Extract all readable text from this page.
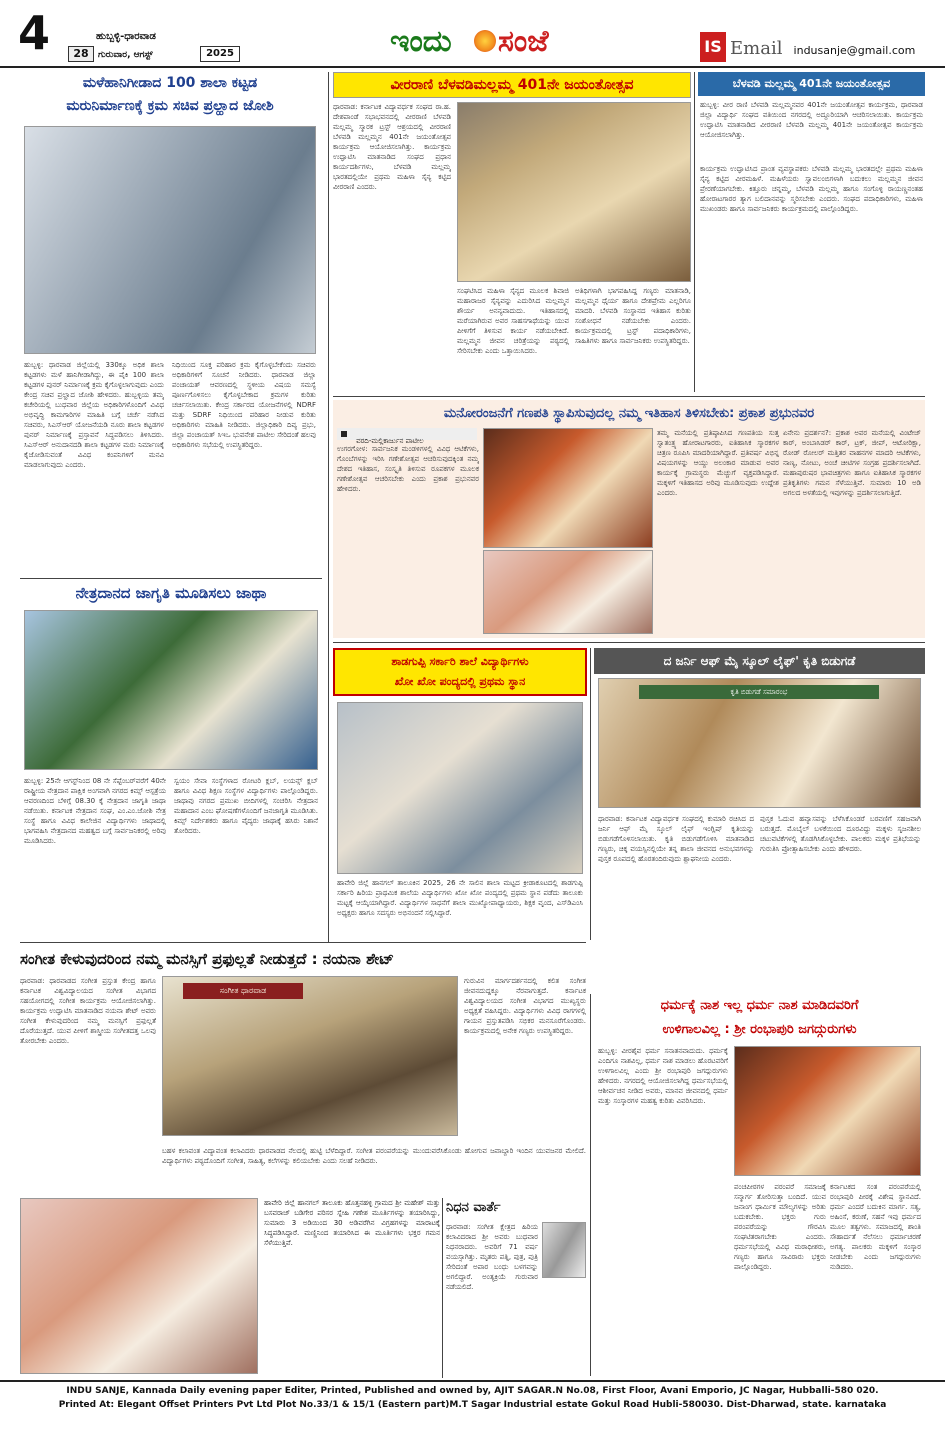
4	28
ಹುಬ್ಬಳ್ಳಿ-ಧಾರವಾಡ
ಗುರುವಾರ, ಆಗಸ್ಟ್	2025	ಇಂದು ಸಂಜೆ	IS Email indusanje@gmail.com
ಮಳೆಹಾನಿಗೀಡಾದ 100 ಶಾಲಾ ಕಟ್ಟಡ
ಮರುನಿರ್ಮಾಣಕ್ಕೆ ಕ್ರಮ ಸಚಿವ ಪ್ರಲ್ಹಾದ ಜೋಶಿ
ಹುಬ್ಬಳ್ಳಿ: ಧಾರವಾಡ ಜಿಲ್ಲೆಯಲ್ಲಿ 330ಕ್ಕೂ ಅಧಿಕ ಶಾಲಾ ಕಟ್ಟಡಗಳು ಮಳೆ ಹಾನಿಗೀಡಾಗಿದ್ದು, ಈ ಪೈಕಿ 100 ಶಾಲಾ ಕಟ್ಟಡಗಳ ಪುನರ್ ನಿರ್ಮಾಣಕ್ಕೆ ಕ್ರಮ ಕೈಗೊಳ್ಳಲಾಗುವುದು ಎಂದು ಕೇಂದ್ರ ಸಚಿವ ಪ್ರಲ್ಹಾದ ಜೋಶಿ ಹೇಳಿದರು. ಹುಬ್ಬಳ್ಳಿಯ ತಮ್ಮ ಕಚೇರಿಯಲ್ಲಿ ಬುಧವಾರ ಜಿಲ್ಲೆಯ ಅಧಿಕಾರಿಗಳೊಂದಿಗೆ ವಿವಿಧ ಅಭಿವೃದ್ಧಿ ಕಾಮಗಾರಿಗಳ ಮಾಹಿತಿ ಬಗ್ಗೆ ಚರ್ಚೆ ನಡೆಸಿದ ಸಚಿವರು, ಸಿಎಸ್‌ಆರ್ ಯೋಜನೆಯಡಿ ನೂರು ಶಾಲಾ ಕಟ್ಟಡಗಳ ಪುನರ್ ನಿರ್ಮಾಣಕ್ಕೆ ಪ್ರಸ್ತಾವನೆ ಸಿದ್ಧಪಡಿಸಲು ತಿಳಿಸಿದರು. ಸಿಎಸ್‌ಆರ್ ಅನುದಾನದಡಿ ಶಾಲಾ ಕಟ್ಟಡಗಳ ಮರು ನಿರ್ಮಾಣಕ್ಕೆ ಕೈಜೋಡಿಸುವಂತೆ ವಿವಿಧ ಕಂಪನಿಗಳಿಗೆ ಮನವಿ ಮಾಡಲಾಗುವುದು ಎಂದರು.
ನಿಧಿಯಿಂದ ಸೂಕ್ತ ಪರಿಹಾರ ಕ್ರಮ ಕೈಗೊಳ್ಳಬೇಕೆಂದು ಸಚಿವರು ಅಧಿಕಾರಿಗಳಿಗೆ ಸೂಚನೆ ನೀಡಿದರು. ಧಾರವಾಡ ಜಿಲ್ಲಾ ಪಂಚಾಯತ್ ಆವರಣದಲ್ಲಿ ಸ್ಥಳೀಯ ವಿಷಯ ಸಮಸ್ಯೆ ಪೂರ್ಣಗೊಳಿಸಲು ಕೈಗೊಳ್ಳಬೇಕಾದ ಕ್ರಮಗಳ ಕುರಿತು ಚರ್ಚಿಸಲಾಯಿತು. ಕೇಂದ್ರ ಸರ್ಕಾರದ ಯೋಜನೆಗಳಲ್ಲಿ NDRF ಮತ್ತು SDRF ನಿಧಿಯಿಂದ ಪರಿಹಾರ ನೀಡುವ ಕುರಿತು ಅಧಿಕಾರಿಗಳು ಮಾಹಿತಿ ನೀಡಿದರು. ಜಿಲ್ಲಾಧಿಕಾರಿ ದಿವ್ಯ ಪ್ರಭು, ಜಿಲ್ಲಾ ಪಂಚಾಯತ್ ಸಿಇಒ ಭುವನೇಶ ಪಾಟೀಲ ಸೇರಿದಂತೆ ಹಲವು ಅಧಿಕಾರಿಗಳು ಸಭೆಯಲ್ಲಿ ಉಪಸ್ಥಿತರಿದ್ದರು.
ನೇತ್ರದಾನದ ಜಾಗೃತಿ ಮೂಡಿಸಲು ಜಾಥಾ
ಹುಬ್ಬಳ್ಳಿ: 25ನೇ ಆಗಸ್ಟ್‌ನಿಂದ 08 ನೇ ಸೆಪ್ಟೆಂಬರ್‌ವರೆಗೆ 40ನೇ ರಾಷ್ಟ್ರೀಯ ನೇತ್ರದಾನ ಪಾಕ್ಷಿಕ ಅಂಗವಾಗಿ ನಗರದ ಕಿಮ್ಸ್ ಆಸ್ಪತ್ರೆಯ ಆವರಣದಿಂದ ಬೆಳಿಗ್ಗೆ 08.30 ಕ್ಕೆ ನೇತ್ರದಾನ ಜಾಗೃತಿ ಜಾಥಾ ನಡೆಯಿತು. ಕರ್ನಾಟಕ ನೇತ್ರದಾನ ಸಂಘ, ಎಂ.ಎಂ.ಜೋಶಿ ನೇತ್ರ ಸಂಸ್ಥೆ ಹಾಗೂ ವಿವಿಧ ಕಾಲೇಜಿನ ವಿದ್ಯಾರ್ಥಿಗಳು ಜಾಥಾದಲ್ಲಿ ಭಾಗವಹಿಸಿ ನೇತ್ರದಾನದ ಮಹತ್ವದ ಬಗ್ಗೆ ಸಾರ್ವಜನಿಕರಲ್ಲಿ ಅರಿವು ಮೂಡಿಸಿದರು.
ಸ್ವಯಂ ಸೇವಾ ಸಂಸ್ಥೆಗಳಾದ ರೋಟರಿ ಕ್ಲಬ್, ಲಯನ್ಸ್ ಕ್ಲಬ್ ಹಾಗೂ ವಿವಿಧ ಶಿಕ್ಷಣ ಸಂಸ್ಥೆಗಳ ವಿದ್ಯಾರ್ಥಿಗಳು ಪಾಲ್ಗೊಂಡಿದ್ದರು. ಜಾಥಾವು ನಗರದ ಪ್ರಮುಖ ಬೀದಿಗಳಲ್ಲಿ ಸಂಚರಿಸಿ ನೇತ್ರದಾನ ಮಹಾದಾನ ಎಂಬ ಘೋಷಣೆಗಳೊಂದಿಗೆ ಜನಜಾಗೃತಿ ಮೂಡಿಸಿತು. ಕಿಮ್ಸ್ ನಿರ್ದೇಶಕರು ಹಾಗೂ ವೈದ್ಯರು ಜಾಥಾಕ್ಕೆ ಹಸಿರು ನಿಶಾನೆ ತೋರಿದರು.
ವೀರರಾಣಿ ಬೆಳವಡಿಮಲ್ಲಮ್ಮ 401ನೇ ಜಯಂತೋತ್ಸವ
ಧಾರವಾಡ: ಕರ್ನಾಟಕ ವಿದ್ಯಾವರ್ಧಕ ಸಂಘದ ರಾ.ಹ. ದೇಶಪಾಂಡೆ ಸಭಾಭವನದಲ್ಲಿ ವೀರರಾಣಿ ಬೆಳವಡಿ ಮಲ್ಲಮ್ಮ ಸ್ಮಾರಕ ಟ್ರಸ್ಟ್ ಆಶ್ರಯದಲ್ಲಿ ವೀರರಾಣಿ ಬೆಳವಡಿ ಮಲ್ಲಮ್ಮನ 401ನೇ ಜಯಂತೋತ್ಸವ ಕಾರ್ಯಕ್ರಮ ಆಯೋಜಿಸಲಾಗಿತ್ತು. ಕಾರ್ಯಕ್ರಮ ಉದ್ಘಾಟಿಸಿ ಮಾತನಾಡಿದ ಸಂಘದ ಪ್ರಧಾನ ಕಾರ್ಯದರ್ಶಿಗಳು, ಬೆಳವಡಿ ಮಲ್ಲಮ್ಮ ಭಾರತದಲ್ಲಿಯೇ ಪ್ರಥಮ ಮಹಿಳಾ ಸೈನ್ಯ ಕಟ್ಟಿದ ವೀರರಾಣಿ ಎಂದರು.
ಸಂಘಟಿಸಿದ ಮಹಿಳಾ ಸೈನ್ಯದ ಮೂಲಕ ಶಿವಾಜಿ ಮಹಾರಾಜರ ಸೈನ್ಯವನ್ನು ಎದುರಿಸಿದ ಮಲ್ಲಮ್ಮನ ಶೌರ್ಯ ಅನನ್ಯವಾದುದು. ಇತಿಹಾಸದಲ್ಲಿ ಮರೆಯಾಗಿರುವ ಅವರ ಸಾಹಸಗಾಥೆಯನ್ನು ಯುವ ಪೀಳಿಗೆಗೆ ತಿಳಿಸುವ ಕಾರ್ಯ ನಡೆಯಬೇಕಿದೆ. ಮಲ್ಲಮ್ಮನ ಜೀವನ ಚರಿತ್ರೆಯನ್ನು ಪಠ್ಯದಲ್ಲಿ ಸೇರಿಸಬೇಕು ಎಂದು ಒತ್ತಾಯಿಸಿದರು.
ಅತಿಥಿಗಳಾಗಿ ಭಾಗವಹಿಸಿದ್ದ ಗಣ್ಯರು ಮಾತನಾಡಿ, ಮಲ್ಲಮ್ಮನ ಧೈರ್ಯ ಹಾಗೂ ದೇಶಪ್ರೇಮ ಎಲ್ಲರಿಗೂ ಮಾದರಿ. ಬೆಳವಡಿ ಸಂಸ್ಥಾನದ ಇತಿಹಾಸ ಕುರಿತು ಸಂಶೋಧನೆ ನಡೆಯಬೇಕು ಎಂದರು. ಕಾರ್ಯಕ್ರಮದಲ್ಲಿ ಟ್ರಸ್ಟ್ ಪದಾಧಿಕಾರಿಗಳು, ಸಾಹಿತಿಗಳು ಹಾಗೂ ಸಾರ್ವಜನಿಕರು ಉಪಸ್ಥಿತರಿದ್ದರು.
ಬೆಳವಡಿ ಮಲ್ಲಮ್ಮ 401ನೇ ಜಯಂತೋತ್ಸವ
ಹುಬ್ಬಳ್ಳಿ: ವೀರ ರಾಣಿ ಬೆಳವಡಿ ಮಲ್ಲಮ್ಮನವರ 401ನೇ ಜಯಂತೋತ್ಸವ ಕಾರ್ಯಕ್ರಮ, ಧಾರವಾಡ ಜಿಲ್ಲಾ ವಿದ್ಯಾರ್ಥಿ ಸಂಘದ ವತಿಯಿಂದ ನಗರದಲ್ಲಿ ಅದ್ದೂರಿಯಾಗಿ ಆಚರಿಸಲಾಯಿತು. ಕಾರ್ಯಕ್ರಮ ಉದ್ಘಾಟಿಸಿ ಮಾತನಾಡಿದ ವೀರರಾಣಿ ಬೆಳವಡಿ ಮಲ್ಲಮ್ಮ 401ನೇ ಜಯಂತೋತ್ಸವ ಕಾರ್ಯಕ್ರಮ ಆಯೋಜಿಸಲಾಗಿತ್ತು.
ಕಾರ್ಯಕ್ರಮ ಉದ್ಘಾಟಿಸಿದ ಪ್ರಾಂತ ವ್ಯವಸ್ಥಾಪಕರು ಬೆಳವಡಿ ಮಲ್ಲಮ್ಮ ಭಾರತದಲ್ಲೇ ಪ್ರಥಮ ಮಹಿಳಾ ಸೈನ್ಯ ಕಟ್ಟಿದ ವೀರಮಹಿಳೆ. ಮಹಿಳೆಯರು ಸ್ವಾವಲಂಬಿಗಳಾಗಿ ಬದುಕಲು ಮಲ್ಲಮ್ಮನ ಜೀವನ ಪ್ರೇರಣೆಯಾಗಬೇಕು. ಕಿತ್ತೂರು ಚನ್ನಮ್ಮ, ಬೆಳವಡಿ ಮಲ್ಲಮ್ಮ ಹಾಗೂ ಸಂಗೊಳ್ಳಿ ರಾಯಣ್ಣನಂತಹ ಹೋರಾಟಗಾರರ ತ್ಯಾಗ ಬಲಿದಾನವನ್ನು ಸ್ಮರಿಸಬೇಕು ಎಂದರು. ಸಂಘದ ಪದಾಧಿಕಾರಿಗಳು, ಮಹಿಳಾ ಮುಖಂಡರು ಹಾಗೂ ಸಾರ್ವಜನಿಕರು ಕಾರ್ಯಕ್ರಮದಲ್ಲಿ ಪಾಲ್ಗೊಂಡಿದ್ದರು.
ಮನೋರಂಜನೆಗೆ ಗಣಪತಿ ಸ್ಥಾಪಿಸುವುದಲ್ಲ ನಮ್ಮ ಇತಿಹಾಸ ತಿಳಿಸಬೇಕು: ಪ್ರಕಾಶ ಪ್ರಭುನವರ
ವರದಿ-ಮಲ್ಲಿಕಾರ್ಜುನ ಪಾಟೀಲ
ಉಗರಗೋಳ: ಸಾರ್ವಜನಿಕ ಮಂಡಳಿಗಳಲ್ಲಿ ವಿವಿಧ ಆಟಿಕೆಗಳು, ಗೊಂಬೆಗಳನ್ನು ಇರಿಸಿ ಗಣೇಶೋತ್ಸವ ಆಚರಿಸುವುದಕ್ಕಿಂತ ನಮ್ಮ ದೇಶದ ಇತಿಹಾಸ, ಸಂಸ್ಕೃತಿ ತಿಳಿಸುವ ರೂಪಕಗಳ ಮೂಲಕ ಗಣೇಶೋತ್ಸವ ಆಚರಿಸಬೇಕು ಎಂದು ಪ್ರಕಾಶ ಪ್ರಭುನವರ ಹೇಳಿದರು.
ತಮ್ಮ ಮನೆಯಲ್ಲಿ ಪ್ರತಿಷ್ಠಾಪಿಸಿದ ಗಣಪತಿಯ ಸುತ್ತ ಸ್ವಾತಂತ್ರ್ಯ ಹೋರಾಟಗಾರರು, ಐತಿಹಾಸಿಕ ಸ್ಮಾರಕಗಳ ಚಿತ್ರಣ ರೂಪಿಸಿ ಮಾದರಿಯಾಗಿದ್ದಾರೆ. ಪ್ರತಿವರ್ಷ ವಿಭಿನ್ನ ವಿಷಯಗಳನ್ನು ಆಯ್ದು ಅಲಂಕಾರ ಮಾಡುವ ಅವರ ಕಾರ್ಯಕ್ಕೆ ಗ್ರಾಮಸ್ಥರು ಮೆಚ್ಚುಗೆ ವ್ಯಕ್ತಪಡಿಸಿದ್ದಾರೆ. ಮಕ್ಕಳಿಗೆ ಇತಿಹಾಸದ ಅರಿವು ಮೂಡಿಸುವುದು ಉದ್ದೇಶ ಎಂದರು.
ಏನೇನು ಪ್ರದರ್ಶನ?: ಪ್ರಕಾಶ ಅವರ ಮನೆಯಲ್ಲಿ ವಿಂಟೇಜ್ ಕಾರ್, ಅಂಬಾಸಿಡರ್ ಕಾರ್, ಟ್ರಕ್, ಜೀಪ್, ಆಟೋರಿಕ್ಷಾ, ರೋಡ್ ರೋಲರ್ ಮತ್ತಿತರ ವಾಹನಗಳ ಮಾದರಿ ಆಟಿಕೆಗಳು, ನಾಣ್ಯ, ನೋಟು, ಅಂಚೆ ಚೀಟಿಗಳ ಸಂಗ್ರಹ ಪ್ರದರ್ಶಿಸಲಾಗಿದೆ. ಮಹಾಪುರುಷರ ಭಾವಚಿತ್ರಗಳು ಹಾಗೂ ಐತಿಹಾಸಿಕ ಸ್ಮಾರಕಗಳ ಪ್ರತಿಕೃತಿಗಳು ಗಮನ ಸೆಳೆಯುತ್ತಿವೆ. ಸುಮಾರು 10 ಅಡಿ ಅಗಲದ ಅಳತೆಯಲ್ಲಿ ಇವುಗಳನ್ನು ಪ್ರದರ್ಶಿಸಲಾಗುತ್ತಿದೆ.
ಶಾಡಗುಪ್ಪಿ ಸರ್ಕಾರಿ ಶಾಲೆ ವಿದ್ಯಾರ್ಥಿಗಳು
ಖೋ ಖೋ ಪಂದ್ಯದಲ್ಲಿ ಪ್ರಥಮ ಸ್ಥಾನ
ಹಾವೇರಿ ಜಿಲ್ಲೆ ಹಾನಗಲ್ ತಾಲೂಕಿನ 2025, 26 ನೇ ಸಾಲಿನ ಶಾಲಾ ಮಟ್ಟದ ಕ್ರೀಡಾಕೂಟದಲ್ಲಿ ಶಾಡಗುಪ್ಪಿ ಸರ್ಕಾರಿ ಹಿರಿಯ ಪ್ರಾಥಮಿಕ ಶಾಲೆಯ ವಿದ್ಯಾರ್ಥಿಗಳು ಖೋ ಖೋ ಪಂದ್ಯದಲ್ಲಿ ಪ್ರಥಮ ಸ್ಥಾನ ಪಡೆದು ತಾಲೂಕು ಮಟ್ಟಕ್ಕೆ ಆಯ್ಕೆಯಾಗಿದ್ದಾರೆ. ವಿದ್ಯಾರ್ಥಿಗಳ ಸಾಧನೆಗೆ ಶಾಲಾ ಮುಖ್ಯೋಪಾಧ್ಯಾಯರು, ಶಿಕ್ಷಕ ವೃಂದ, ಎಸ್‌ಡಿಎಂಸಿ ಅಧ್ಯಕ್ಷರು ಹಾಗೂ ಸದಸ್ಯರು ಅಭಿನಂದನೆ ಸಲ್ಲಿಸಿದ್ದಾರೆ.
ದ ಜರ್ನಿ ಆಫ್ ಮೈ ಸ್ಕೂಲ್ ಲೈಫ್' ಕೃತಿ ಬಿಡುಗಡೆ
ಕೃತಿ ಬಿಡುಗಡೆ ಸಮಾರಂಭ
ಧಾರವಾಡ: ಕರ್ನಾಟಕ ವಿದ್ಯಾವರ್ಧಕ ಸಂಘದಲ್ಲಿ ಕುಮಾರಿ ರಚಿಸಿದ ದ ಜರ್ನಿ ಆಫ್ ಮೈ ಸ್ಕೂಲ್ ಲೈಫ್ ಇಂಗ್ಲಿಷ್ ಕೃತಿಯನ್ನು ಬಿಡುಗಡೆಗೊಳಿಸಲಾಯಿತು. ಕೃತಿ ಬಿಡುಗಡೆಗೊಳಿಸಿ ಮಾತನಾಡಿದ ಗಣ್ಯರು, ಚಿಕ್ಕ ವಯಸ್ಸಿನಲ್ಲಿಯೇ ತನ್ನ ಶಾಲಾ ಜೀವನದ ಅನುಭವಗಳನ್ನು ಪುಸ್ತಕ ರೂಪದಲ್ಲಿ ಹೊರತಂದಿರುವುದು ಶ್ಲಾಘನೀಯ ಎಂದರು.
ಪುಸ್ತಕ ಓದುವ ಹವ್ಯಾಸವನ್ನು ಬೆಳೆಸಿಕೊಂಡರೆ ಬರವಣಿಗೆ ಸಹಜವಾಗಿ ಬರುತ್ತದೆ. ಮೊಬೈಲ್ ಬಳಕೆಯಿಂದ ದೂರವಿದ್ದು ಮಕ್ಕಳು ಸೃಜನಶೀಲ ಚಟುವಟಿಕೆಗಳಲ್ಲಿ ತೊಡಗಿಸಿಕೊಳ್ಳಬೇಕು. ಪಾಲಕರು ಮಕ್ಕಳ ಪ್ರತಿಭೆಯನ್ನು ಗುರುತಿಸಿ ಪ್ರೋತ್ಸಾಹಿಸಬೇಕು ಎಂದು ಹೇಳಿದರು.
ಸಂಗೀತ ಕೇಳುವುದರಿಂದ ನಮ್ಮ ಮನಸ್ಸಿಗೆ ಪ್ರಫುಲ್ಲತೆ ನೀಡುತ್ತದೆ : ನಯನಾ ಶೇಟ್
ಧಾರವಾಡ: ಧಾರವಾಡದ ಸಂಗೀತ ಪ್ರಸ್ತುತ ಕೇಂದ್ರ ಹಾಗೂ ಕರ್ನಾಟಕ ವಿಶ್ವವಿದ್ಯಾಲಯದ ಸಂಗೀತ ವಿಭಾಗದ ಸಹಯೋಗದಲ್ಲಿ ಸಂಗೀತ ಕಾರ್ಯಕ್ರಮ ಆಯೋಜಿಸಲಾಗಿತ್ತು. ಕಾರ್ಯಕ್ರಮ ಉದ್ಘಾಟಿಸಿ ಮಾತನಾಡಿದ ನಯನಾ ಶೇಟ್ ಅವರು ಸಂಗೀತ ಕೇಳುವುದರಿಂದ ನಮ್ಮ ಮನಸ್ಸಿಗೆ ಪ್ರಫುಲ್ಲತೆ ದೊರೆಯುತ್ತದೆ. ಯುವ ಪೀಳಿಗೆ ಶಾಸ್ತ್ರೀಯ ಸಂಗೀತದತ್ತ ಒಲವು ತೋರಬೇಕು ಎಂದರು.
ಸಂಗೀತ ಧಾರವಾಡ
ಗುರುವಿನ ಮಾರ್ಗದರ್ಶನದಲ್ಲಿ ಕಲಿತ ಸಂಗೀತ ಜೀವನದುದ್ದಕ್ಕೂ ನೆರವಾಗುತ್ತದೆ. ಕರ್ನಾಟಕ ವಿಶ್ವವಿದ್ಯಾಲಯದ ಸಂಗೀತ ವಿಭಾಗದ ಮುಖ್ಯಸ್ಥರು ಅಧ್ಯಕ್ಷತೆ ವಹಿಸಿದ್ದರು. ವಿದ್ಯಾರ್ಥಿಗಳು ವಿವಿಧ ರಾಗಗಳಲ್ಲಿ ಗಾಯನ ಪ್ರಸ್ತುತಪಡಿಸಿ ಸಭಿಕರ ಮನಸೂರೆಗೊಂಡರು. ಕಾರ್ಯಕ್ರಮದಲ್ಲಿ ಅನೇಕ ಗಣ್ಯರು ಉಪಸ್ಥಿತರಿದ್ದರು.
ಬಹಳ ಕಲಾವಂತ ವಿದ್ಯಾವಂತ ಕಲಾವಿದರು ಧಾರವಾಡದ ನೆಲದಲ್ಲಿ ಹುಟ್ಟಿ ಬೆಳೆದಿದ್ದಾರೆ. ಸಂಗೀತ ಪರಂಪರೆಯನ್ನು ಮುಂದುವರೆಸಿಕೊಂಡು ಹೋಗುವ ಜವಾಬ್ದಾರಿ ಇಂದಿನ ಯುವಜನರ ಮೇಲಿದೆ. ವಿದ್ಯಾರ್ಥಿಗಳು ಪಠ್ಯದೊಂದಿಗೆ ಸಂಗೀತ, ಸಾಹಿತ್ಯ, ಕಲೆಗಳನ್ನು ಕಲಿಯಬೇಕು ಎಂದು ಸಲಹೆ ನೀಡಿದರು.
ಧರ್ಮಕ್ಕೆ ನಾಶ ಇಲ್ಲ ಧರ್ಮ ನಾಶ ಮಾಡಿದವರಿಗೆ
ಉಳಿಗಾಲವಿಲ್ಲ : ಶ್ರೀ ರಂಭಾಪುರಿ ಜಗದ್ಗುರುಗಳು
ಹುಬ್ಬಳ್ಳಿ: ವೀರಶೈವ ಧರ್ಮ ಸನಾತನವಾದುದು. ಧರ್ಮಕ್ಕೆ ಎಂದಿಗೂ ನಾಶವಿಲ್ಲ, ಧರ್ಮ ನಾಶ ಮಾಡಲು ಹೊರಟವರಿಗೆ ಉಳಿಗಾಲವಿಲ್ಲ ಎಂದು ಶ್ರೀ ರಂಭಾಪುರಿ ಜಗದ್ಗುರುಗಳು ಹೇಳಿದರು. ನಗರದಲ್ಲಿ ಆಯೋಜಿಸಲಾಗಿದ್ದ ಧರ್ಮಸಭೆಯಲ್ಲಿ ಆಶೀರ್ವಚನ ನೀಡಿದ ಅವರು, ಮಾನವ ಜೀವನದಲ್ಲಿ ಧರ್ಮ ಮತ್ತು ಸಂಸ್ಕಾರಗಳ ಮಹತ್ವ ಕುರಿತು ವಿವರಿಸಿದರು.
ಪಂಚಪೀಠಗಳ ಪರಂಪರೆ ಸಮಾಜಕ್ಕೆ ಸನ್ಮಾರ್ಗ ತೋರಿಸುತ್ತಾ ಬಂದಿದೆ. ಯುವ ಜನಾಂಗ ಧಾರ್ಮಿಕ ಮೌಲ್ಯಗಳನ್ನು ಅರಿತು ಬದುಕಬೇಕು. ಭಕ್ತರು ಗುರು ಪರಂಪರೆಯನ್ನು ಗೌರವಿಸಿ ಸಂಘಟಿತರಾಗಬೇಕು ಎಂದರು. ಧರ್ಮಸಭೆಯಲ್ಲಿ ವಿವಿಧ ಮಠಾಧೀಶರು, ಗಣ್ಯರು ಹಾಗೂ ಸಾವಿರಾರು ಭಕ್ತರು ಪಾಲ್ಗೊಂಡಿದ್ದರು.
ಕರ್ನಾಟಕದ ಸಂತ ಪರಂಪರೆಯಲ್ಲಿ ರಂಭಾಪುರಿ ಪೀಠಕ್ಕೆ ವಿಶೇಷ ಸ್ಥಾನವಿದೆ. ಧರ್ಮ ಎಂದರೆ ಬದುಕಿನ ಮಾರ್ಗ. ಸತ್ಯ, ಅಹಿಂಸೆ, ಕರುಣೆ, ಸಹನೆ ಇವು ಧರ್ಮದ ಮೂಲ ತತ್ವಗಳು. ಸಮಾಜದಲ್ಲಿ ಶಾಂತಿ ಸೌಹಾರ್ದತೆ ನೆಲೆಸಲು ಧರ್ಮಾಚರಣೆ ಅಗತ್ಯ. ಪಾಲಕರು ಮಕ್ಕಳಿಗೆ ಸಂಸ್ಕಾರ ನೀಡಬೇಕು ಎಂದು ಜಗದ್ಗುರುಗಳು ನುಡಿದರು.
ಹಾವೇರಿ ಜಿಲ್ಲೆ ಹಾನಗಲ್ ತಾಲೂಕು ಹೊತ್ತನಹಳ್ಳಿ ಗ್ರಾಮದ ಶ್ರೀ ಮಹೇಶ್ ಮತ್ತು ಬಸವರಾಜ್ ಬಡಿಗೇರ ಪರಿಸರ ಸ್ನೇಹಿ ಗಣೇಶ ಮೂರ್ತಿಗಳನ್ನು ತಯಾರಿಸಿದ್ದು, ಸುಮಾರು 3 ಅಡಿಯಿಂದ 30 ಅಡಿವರೆಗಿನ ವಿಗ್ರಹಗಳನ್ನು ಮಾರಾಟಕ್ಕೆ ಸಿದ್ಧಪಡಿಸಿದ್ದಾರೆ. ಮಣ್ಣಿನಿಂದ ತಯಾರಿಸಿದ ಈ ಮೂರ್ತಿಗಳು ಭಕ್ತರ ಗಮನ ಸೆಳೆಯುತ್ತಿವೆ.
ನಿಧನ ವಾರ್ತೆ
ಧಾರವಾಡ: ಸಂಗೀತ ಕ್ಷೇತ್ರದ ಹಿರಿಯ ಕಲಾವಿದರಾದ ಶ್ರೀ ಅವರು ಬುಧವಾರ ನಿಧನರಾದರು. ಅವರಿಗೆ 71 ವರ್ಷ ವಯಸ್ಸಾಗಿತ್ತು. ಮೃತರು ಪತ್ನಿ, ಪುತ್ರ, ಪುತ್ರಿ ಸೇರಿದಂತೆ ಅಪಾರ ಬಂಧು ಬಳಗವನ್ನು ಅಗಲಿದ್ದಾರೆ. ಅಂತ್ಯಕ್ರಿಯೆ ಗುರುವಾರ ನಡೆಯಲಿದೆ.
INDU SANJE, Kannada Daily evening paper Editer, Printed, Published and owned by, AJIT SAGAR.N No.08, First Floor, Avani Emporio, JC Nagar, Hubballi-580 020.
Printed At: Elegant Offset Printers Pvt Ltd Plot No.33/1 & 15/1 (Eastern part)M.T Sagar Industrial estate Gokul Road Hubli-580030. Dist-Dharwad, state. karnataka
